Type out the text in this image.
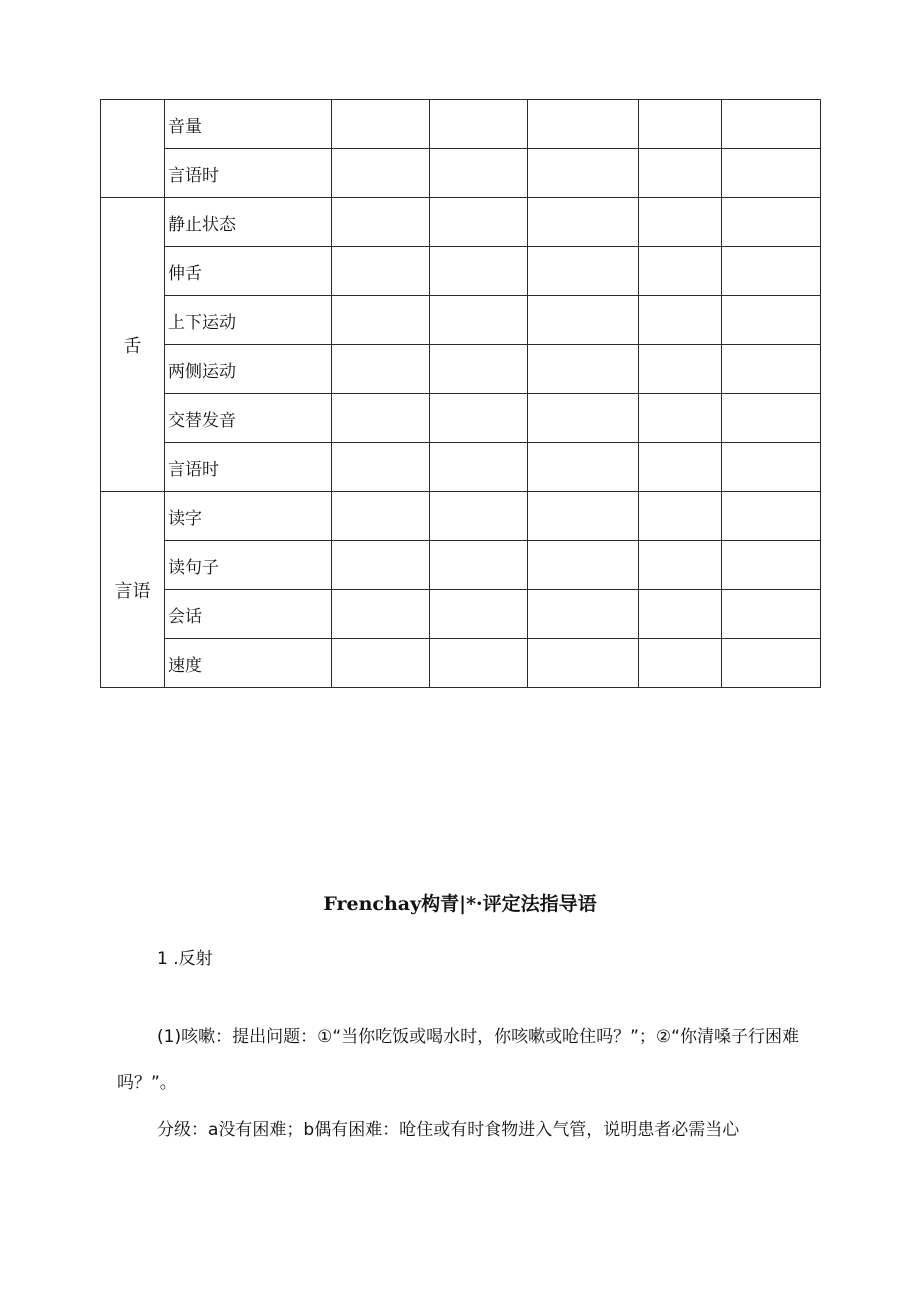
	音量					
	言语时					
舌	静止状态					
	伸舌					
	上下运动					
	两侧运动					
	交替发音					
	言语时					
言语	读字					
	读句子					
	会话					
	速度					
Frenchay构青|*·评定法指导语
1 .反射

(1)咳嗽：提出问题：①“当你吃饭或喝水时，你咳嗽或呛住吗？”；②“你清嗓子行困难吗？”。

分级：a没有困难；b偶有困难：呛住或有时食物进入气管，说明患者必需当心
